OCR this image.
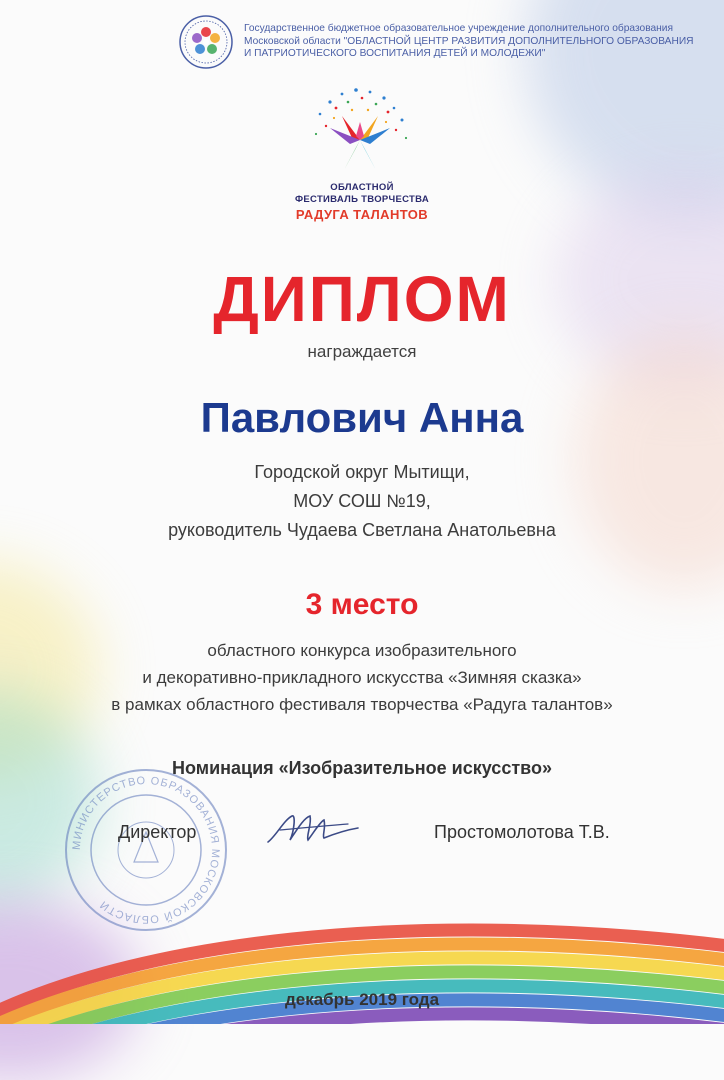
Государственное бюджетное образовательное учреждение дополнительного образования
Московской области "ОБЛАСТНОЙ ЦЕНТР РАЗВИТИЯ ДОПОЛНИТЕЛЬНОГО ОБРАЗОВАНИЯ
И ПАТРИОТИЧЕСКОГО ВОСПИТАНИЯ ДЕТЕЙ И МОЛОДЕЖИ"
ОБЛАСТНОЙ
ФЕСТИВАЛЬ ТВОРЧЕСТВА
РАДУГА ТАЛАНТОВ
ДИПЛОМ
награждается
Павлович Анна
Городской округ Мытищи,
МОУ СОШ №19,
руководитель Чудаева Светлана Анатольевна
3 место
областного конкурса изобразительного
и декоративно-прикладного искусства «Зимняя сказка»
в рамках областного фестиваля творчества «Радуга талантов»
Номинация «Изобразительное искусство»
МИНИСТЕРСТВО ОБРАЗОВАНИЯ МОСКОВСКОЙ ОБЛАСТИ
Директор	Простомолотова Т.В.
декабрь 2019 года
